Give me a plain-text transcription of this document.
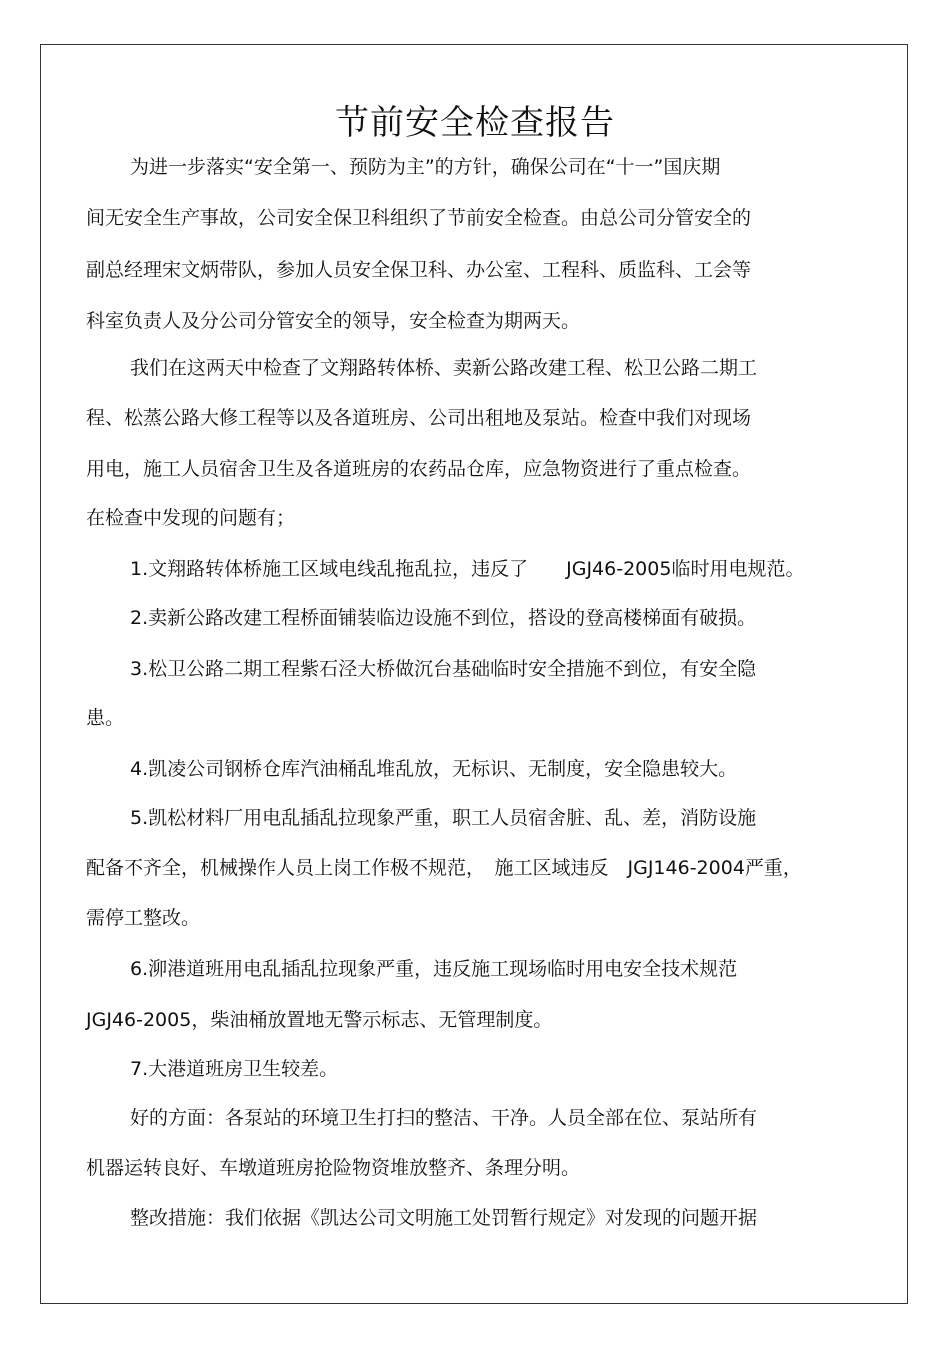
节前安全检查报告
为进一步落实“安全第一、预防为主”的方针，确保公司在“十一”国庆期
间无安全生产事故，公司安全保卫科组织了节前安全检查。由总公司分管安全的
副总经理宋文炳带队，参加人员安全保卫科、办公室、工程科、质监科、工会等
科室负责人及分公司分管安全的领导，安全检查为期两天。
我们在这两天中检查了文翔路转体桥、卖新公路改建工程、松卫公路二期工
程、松蒸公路大修工程等以及各道班房、公司出租地及泵站。检查中我们对现场
用电，施工人员宿舍卫生及各道班房的农药品仓库，应急物资进行了重点检查。
在检查中发现的问题有；
1.文翔路转体桥施工区域电线乱拖乱拉，违反了　　JGJ46-2005临时用电规范。
2.卖新公路改建工程桥面铺装临边设施不到位，搭设的登高楼梯面有破损。
3.松卫公路二期工程紫石泾大桥做沉台基础临时安全措施不到位，有安全隐
患。
4.凯凌公司钢桥仓库汽油桶乱堆乱放，无标识、无制度，安全隐患较大。
5.凯松材料厂用电乱插乱拉现象严重，职工人员宿舍脏、乱、差，消防设施
配备不齐全，机械操作人员上岗工作极不规范，　施工区域违反　JGJ146-2004严重，
需停工整改。
6.泖港道班用电乱插乱拉现象严重，违反施工现场临时用电安全技术规范
JGJ46-2005，柴油桶放置地无警示标志、无管理制度。
7.大港道班房卫生较差。
好的方面：各泵站的环境卫生打扫的整洁、干净。人员全部在位、泵站所有
机器运转良好、车墩道班房抢险物资堆放整齐、条理分明。
整改措施：我们依据《凯达公司文明施工处罚暂行规定》对发现的问题开据
